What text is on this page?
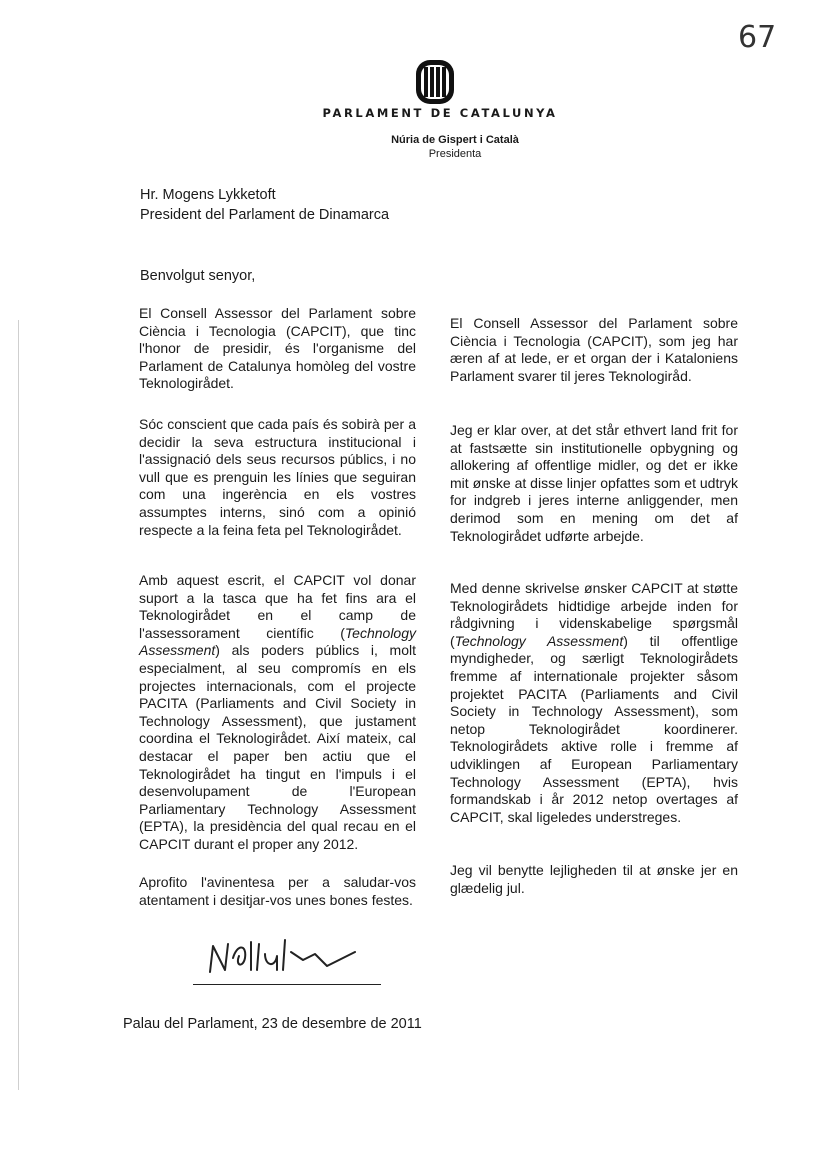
67
PARLAMENT DE CATALUNYA
Núria de Gispert i Català
Presidenta
Hr. Mogens Lykketoft
President del Parlament de Dinamarca
Benvolgut senyor,

El Consell Assessor del Parlament sobre Ciència i Tecnologia (CAPCIT), que tinc l'honor de presidir, és l'organisme del Parlament de Catalunya homòleg del vostre Teknologirådet.

Sóc conscient que cada país és sobirà per a decidir la seva estructura institucional i l'assignació dels seus recursos públics, i no vull que es prenguin les línies que seguiran com una ingerència en els vostres assumptes interns, sinó com a opinió respecte a la feina feta pel Teknologirådet.

Amb aquest escrit, el CAPCIT vol donar suport a la tasca que ha fet fins ara el Teknologirådet en el camp de l'assessorament científic (Technology Assessment) als poders públics i, molt especialment, al seu compromís en els projectes internacionals, com el projecte PACITA (Parliaments and Civil Society in Technology Assessment), que justament coordina el Teknologirådet. Així mateix, cal destacar el paper ben actiu que el Teknologirådet ha tingut en l'impuls i el desenvolupament de l'European Parliamentary Technology Assessment (EPTA), la presidència del qual recau en el CAPCIT durant el proper any 2012.

Aprofito l'avinentesa per a saludar-vos atentament i desitjar-vos unes bones festes.

El Consell Assessor del Parlament sobre Ciència i Tecnologia (CAPCIT), som jeg har æren af at lede, er et organ der i Kataloniens Parlament svarer til jeres Teknologiråd.

Jeg er klar over, at det står ethvert land frit for at fastsætte sin institutionelle opbygning og allokering af offentlige midler, og det er ikke mit ønske at disse linjer opfattes som et udtryk for indgreb i jeres interne anliggender, men derimod som en mening om det af Teknologirådet udførte arbejde.

Med denne skrivelse ønsker CAPCIT at støtte Teknologirådets hidtidige arbejde inden for rådgivning i videnskabelige spørgsmål (Technology Assessment) til offentlige myndigheder, og særligt Teknologirådets fremme af internationale projekter såsom projektet PACITA (Parliaments and Civil Society in Technology Assessment), som netop Teknologirådet koordinerer. Teknologirådets aktive rolle i fremme af udviklingen af European Parliamentary Technology Assessment (EPTA), hvis formandskab i år 2012 netop overtages af CAPCIT, skal ligeledes understreges.

Jeg vil benytte lejligheden til at ønske jer en glædelig jul.

Palau del Parlament, 23 de desembre de 2011
